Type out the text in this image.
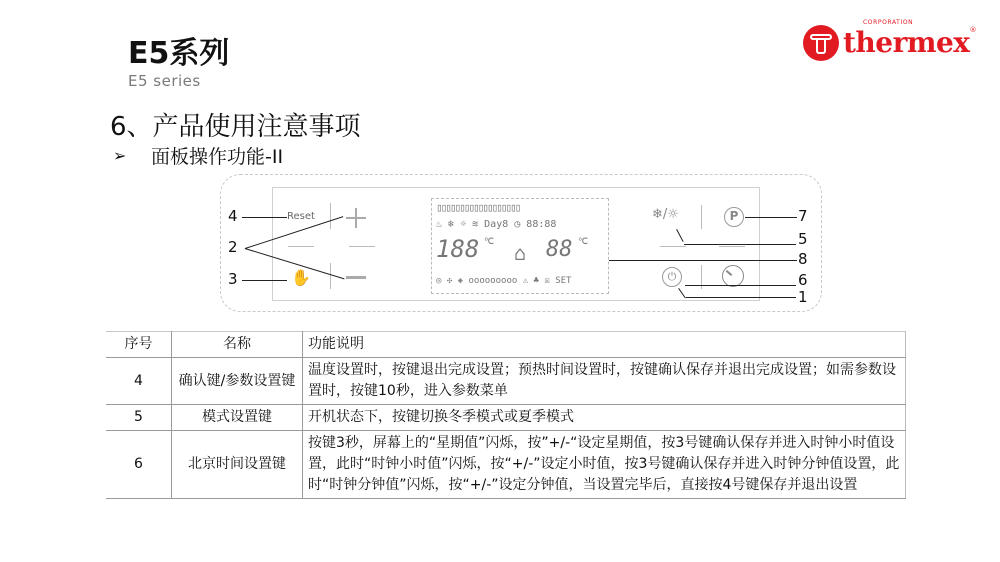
E5系列
E5 series
6、产品使用注意事项
➢	面板操作功能-II
CORPORATION
thermex ®
Reset
✋
4
2
3
▯▯▯▯▯▯▯▯▯▯▯▯▯▯▯▯▯▯
♨ ❄ ☼ ≋ Day8 ◷ 88:88
188 ℃ ⌂ 88 ℃
◎ ✣ ◈ ooooooooo ⚠ ♣ ☒ SET
❄/☼	P
⏻
7
5
8
6
1
序号	名称	功能说明
4	确认键/参数设置键	温度设置时，按键退出完成设置；预热时间设置时，按键确认保存并退出完成设置；如需参数设置时，按键10秒，进入参数菜单
5	模式设置键	开机状态下，按键切换冬季模式或夏季模式
6	北京时间设置键	按键3秒，屏幕上的“星期值”闪烁，按”+/-“设定星期值，按3号键确认保存并进入时钟小时值设置，此时“时钟小时值”闪烁，按“+/-”设定小时值，按3号键确认保存并进入时钟分钟值设置，此时“时钟分钟值”闪烁，按“+/-”设定分钟值，当设置完毕后，直接按4号键保存并退出设置
